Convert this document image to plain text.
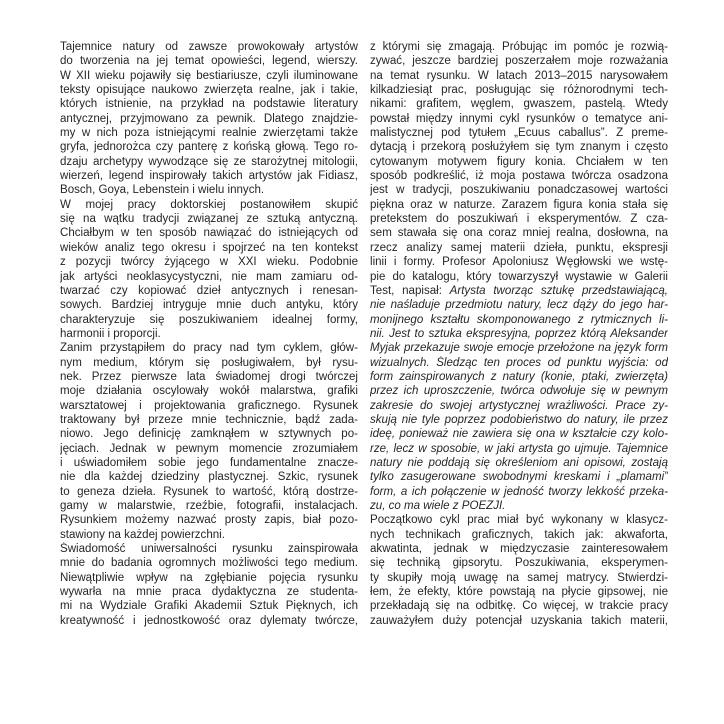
Tajemnice natury od zawsze prowokowały artystów
do tworzenia na jej temat opowieści, legend, wierszy.
W XII wieku pojawiły się bestiariusze, czyli iluminowane
teksty opisujące naukowo zwierzęta realne, jak i takie,
których istnienie, na przykład na podstawie literatury
antycznej, przyjmowano za pewnik. Dlatego znajdzie-
my w nich poza istniejącymi realnie zwierzętami także
gryfa, jednorożca czy panterę z końską głową. Tego ro-
dzaju archetypy wywodzące się ze starożytnej mitologii,
wierzeń, legend inspirowały takich artystów jak Fidiasz,
Bosch, Goya, Lebenstein i wielu innych.
W mojej pracy doktorskiej postanowiłem skupić
się na wątku tradycji związanej ze sztuką antyczną.
Chciałbym w ten sposób nawiązać do istniejących od
wieków analiz tego okresu i spojrzeć na ten kontekst
z pozycji twórcy żyjącego w XXI wieku. Podobnie
jak artyści neoklasycystyczni, nie mam zamiaru od-
twarzać czy kopiować dzieł antycznych i renesan-
sowych. Bardziej intryguje mnie duch antyku, który
charakteryzuje się poszukiwaniem idealnej formy,
harmonii i proporcji.
Zanim przystąpiłem do pracy nad tym cyklem, głów-
nym medium, którym się posługiwałem, był rysu-
nek. Przez pierwsze lata świadomej drogi twórczej
moje działania oscylowały wokół malarstwa, grafiki
warsztatowej i projektowania graficznego. Rysunek
traktowany był przeze mnie technicznie, bądź zada-
niowo. Jego definicję zamknąłem w sztywnych po-
jęciach. Jednak w pewnym momencie zrozumiałem
i uświadomiłem sobie jego fundamentalne znacze-
nie dla każdej dziedziny plastycznej. Szkic, rysunek
to geneza dzieła. Rysunek to wartość, którą dostrze-
gamy w malarstwie, rzeźbie, fotografii, instalacjach.
Rysunkiem możemy nazwać prosty zapis, biał pozo-
stawiony na każdej powierzchni.
Świadomość uniwersalności rysunku zainspirowała
mnie do badania ogromnych możliwości tego medium.
Niewątpliwie wpływ na zgłębianie pojęcia rysunku
wywarła na mnie praca dydaktyczna ze studenta-
mi na Wydziale Grafiki Akademii Sztuk Pięknych, ich
kreatywność i jednostkowość oraz dylematy twórcze,
z którymi się zmagają. Próbując im pomóc je rozwią-
zywać, jeszcze bardziej poszerzałem moje rozważania
na temat rysunku. W latach 2013–2015 narysowałem
kilkadziesiąt prac, posługując się różnorodnymi tech-
nikami: grafitem, węglem, gwaszem, pastelą. Wtedy
powstał między innymi cykl rysunków o tematyce ani-
malistycznej pod tytułem „Ecuus caballus”. Z preme-
dytacją i przekorą posłużyłem się tym znanym i często
cytowanym motywem figury konia. Chciałem w ten
sposób podkreślić, iż moja postawa twórcza osadzona
jest w tradycji, poszukiwaniu ponadczasowej wartości
piękna oraz w naturze. Zarazem figura konia stała się
pretekstem do poszukiwań i eksperymentów. Z cza-
sem stawała się ona coraz mniej realna, dosłowna, na
rzecz analizy samej materii dzieła, punktu, ekspresji
linii i formy. Profesor Apoloniusz Węgłowski we wstę-
pie do katalogu, który towarzyszył wystawie w Galerii
Test, napisał: Artysta tworząc sztukę przedstawiającą,
nie naśladuje przedmiotu natury, lecz dąży do jego har-
monijnego kształtu skomponowanego z rytmicznych li-
nii. Jest to sztuka ekspresyjna, poprzez którą Aleksander
Myjak przekazuje swoje emocje przełożone na język form
wizualnych. Śledząc ten proces od punktu wyjścia: od
form zainspirowanych z natury (konie, ptaki, zwierzęta)
przez ich uproszczenie, twórca odwołuje się w pewnym
zakresie do swojej artystycznej wrażliwości. Prace zy-
skują nie tyle poprzez podobieństwo do natury, ile przez
ideę, ponieważ nie zawiera się ona w kształcie czy kolo-
rze, lecz w sposobie, w jaki artysta go ujmuje. Tajemnice
natury nie poddają się określeniom ani opisowi, zostają
tylko zasugerowane swobodnymi kreskami i „plamami”
form, a ich połączenie w jedność tworzy lekkość przeka-
zu, co ma wiele z POEZJI.
Początkowo cykl prac miał być wykonany w klasycz-
nych technikach graficznych, takich jak: akwaforta,
akwatinta, jednak w międzyczasie zainteresowałem
się techniką gipsorytu. Poszukiwania, eksperymen-
ty skupiły moją uwagę na samej matrycy. Stwierdzi-
łem, że efekty, które powstają na płycie gipsowej, nie
przekładają się na odbitkę. Co więcej, w trakcie pracy
zauważyłem duży potencjał uzyskania takich materii,
